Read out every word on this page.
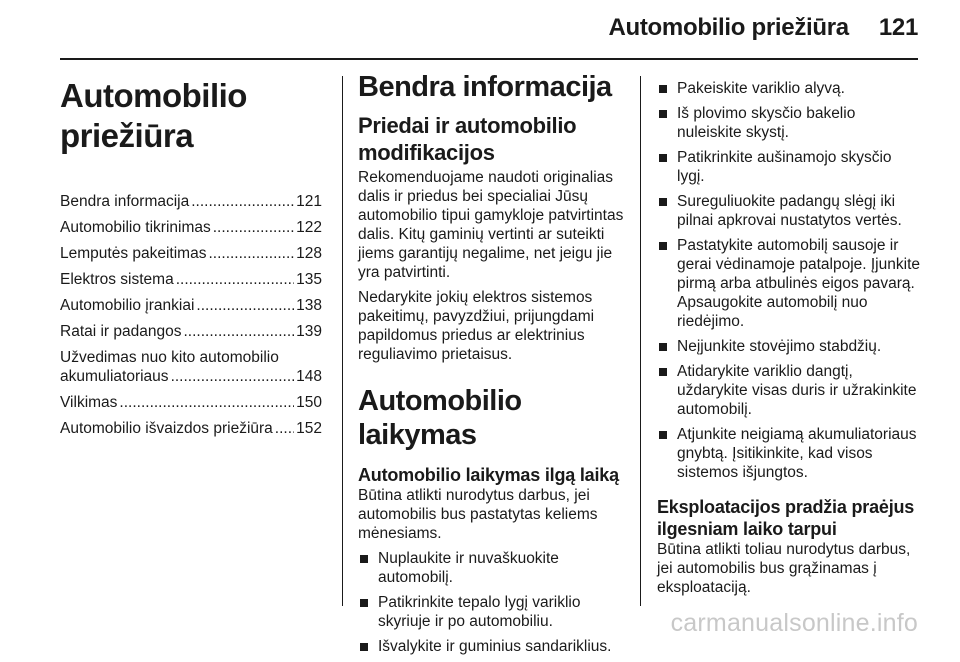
Automobilio priežiūra 121
Automobilio priežiūra
Bendra informacija .....	121
Automobilio tikrinimas .....	122
Lemputės pakeitimas .....	128
Elektros sistema .....	135
Automobilio įrankiai .....	138
Ratai ir padangos .....	139
Užvedimas nuo kito automobilio
akumuliatoriaus .....	148
Vilkimas .....	150
Automobilio išvaizdos priežiūra ..... 152
Bendra informacija
Priedai ir automobilio modifikacijos

Rekomenduojame naudoti originalias dalis ir priedus bei specialiai Jūsų automobilio tipui gamykloje patvirtintas dalis. Kitų gaminių vertinti ar suteikti jiems garantijų negalime, net jeigu jie yra patvirtinti.

Nedarykite jokių elektros sistemos pakeitimų, pavyzdžiui, prijungdami papildomus priedus ar elektrinius reguliavimo prietaisus.

Automobilio laikymas
Automobilio laikymas ilgą laiką

Būtina atlikti nurodytus darbus, jei automobilis bus pastatytas keliems mėnesiams.

Nuplaukite ir nuvaškuokite automobilį.
Patikrinkite tepalo lygį variklio skyriuje ir po automobiliu.
Išvalykite ir guminius sandariklius.
Pakeiskite variklio alyvą.
Iš plovimo skysčio bakelio nuleiskite skystį.
Patikrinkite aušinamojo skysčio lygį.
Sureguliuokite padangų slėgį iki pilnai apkrovai nustatytos vertės.
Pastatykite automobilį sausoje ir gerai vėdinamoje patalpoje. Įjunkite pirmą arba atbulinės eigos pavarą. Apsaugokite automobilį nuo riedėjimo.
Neįjunkite stovėjimo stabdžių.
Atidarykite variklio dangtį, uždarykite visas duris ir užrakinkite automobilį.
Atjunkite neigiamą akumuliatoriaus gnybtą. Įsitikinkite, kad visos sistemos išjungtos.
Eksploatacijos pradžia praėjus ilgesniam laiko tarpui

Būtina atlikti toliau nurodytus darbus, jei automobilis bus grąžinamas į eksploataciją.

carmanualsonline.info
